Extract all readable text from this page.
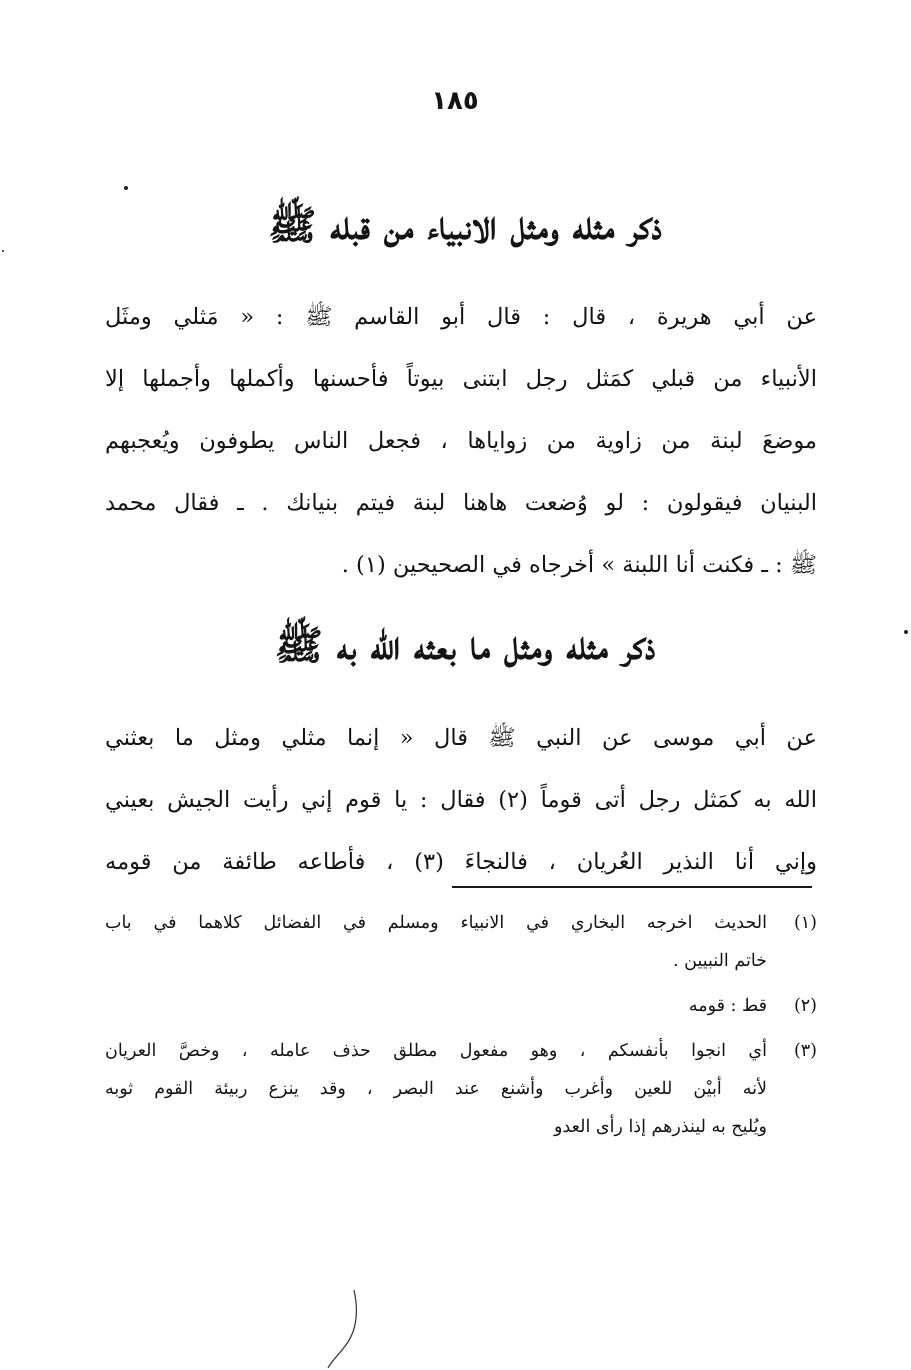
١٨٥
ذكر مثله ومثل الانبياء من قبله ﷺ
عن أبي هريرة ، قال : قال أبو القاسم ﷺ : « مَثلي ومثَل
الأنبياء من قبلي كمَثل رجل ابتنى بيوتاً فأحسنها وأكملها وأجملها إلا
موضعَ لبنة من زاوية من زواياها ، فجعل الناس يطوفون ويُعجبهم
البنيان فيقولون : لو وُضعت هاهنا لبنة فيتم بنيانك . ـ فقال محمد
ﷺ : ـ فكنت أنا اللبنة » أخرجاه في الصحيحين (١) .
ذكر مثله ومثل ما بعثه الله به ﷺ
عن أبي موسى عن النبي ﷺ قال « إنما مثلي ومثل ما بعثني
الله به كمَثل رجل أتى قوماً (٢) فقال : يا قوم إني رأيت الجيش بعيني
وإني أنا النذير العُريان ، فالنجاءَ (٣) ، فأطاعه طائفة من قومه
(١)
الحديث اخرجه البخاري في الانبياء ومسلم في الفضائل كلاهما في باب
خاتم النبيين .
(٢)
قط : قومه
(٣)
أي انجوا بأنفسكم ، وهو مفعول مطلق حذف عامله ، وخصَّ العريان
لأنه أبيْن للعين وأغرب وأشنع عند البصر ، وقد ينزع ربيئة القوم ثوبه
ويُليح به لينذرهم إذا رأى العدو
